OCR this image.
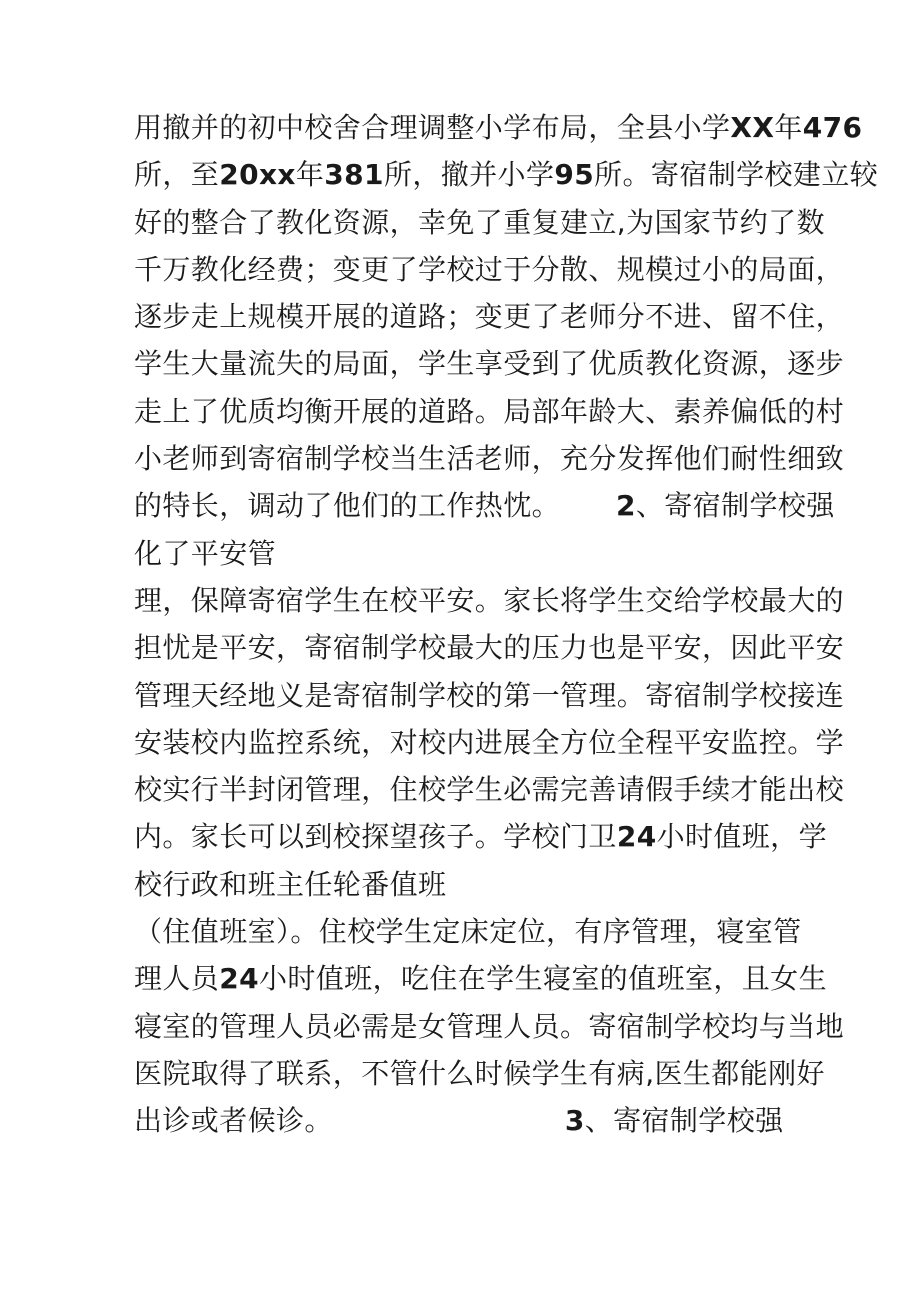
用撤并的初中校舍合理调整小学布局，全县小学XX年476
所，至20xx年381所，撤并小学95所。寄宿制学校建立较
好的整合了教化资源，幸免了重复建立,为国家节约了数
千万教化经费；变更了学校过于分散、规模过小的局面，
逐步走上规模开展的道路；变更了老师分不进、留不住，
学生大量流失的局面，学生享受到了优质教化资源，逐步
走上了优质均衡开展的道路。局部年龄大、素养偏低的村
小老师到寄宿制学校当生活老师，充分发挥他们耐性细致
的特长，调动了他们的工作热忱。 2、寄宿制学校强
化了平安管
理，保障寄宿学生在校平安。家长将学生交给学校最大的
担忧是平安，寄宿制学校最大的压力也是平安，因此平安
管理天经地义是寄宿制学校的第一管理。寄宿制学校接连
安装校内监控系统，对校内进展全方位全程平安监控。学
校实行半封闭管理，住校学生必需完善请假手续才能出校
内。家长可以到校探望孩子。学校门卫24小时值班，学
校行政和班主任轮番值班
（住值班室）。住校学生定床定位，有序管理，寝室管
理人员24小时值班，吃住在学生寝室的值班室，且女生
寝室的管理人员必需是女管理人员。寄宿制学校均与当地
医院取得了联系，不管什么时候学生有病,医生都能刚好
出诊或者候诊。	3、寄宿制学校强
